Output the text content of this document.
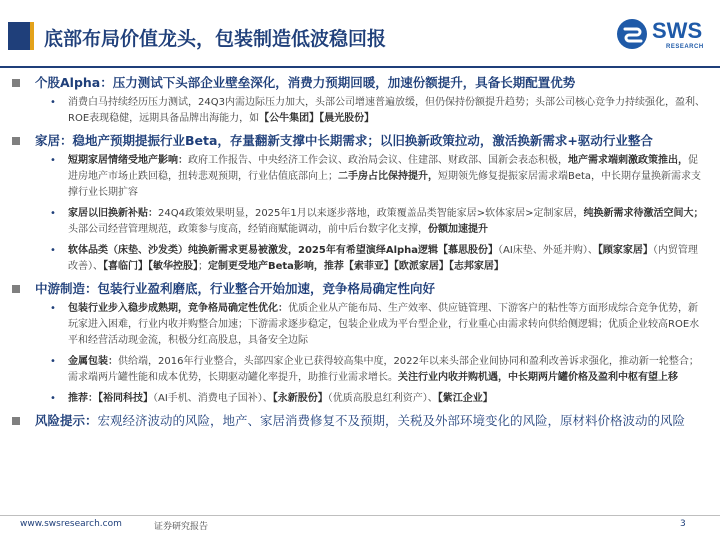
底部布局价值龙头，包装制造低波稳回报	SWS
RESEARCH
个股Alpha：压力测试下头部企业壁垒深化，消费力预期回暖，加速份额提升，具备长期配置优势
• 消费白马持续经历压力测试，24Q3内需边际压力加大，头部公司增速普遍放缓，但仍保持份额提升趋势；头部公司核心竞争力持续强化，盈利、ROE表现稳健，远期具备品牌出海能力，如【公牛集团】【晨光股份】
家居：稳地产预期提振行业Beta，存量翻新支撑中长期需求；以旧换新政策拉动，激活换新需求+驱动行业整合
• 短期家居情绪受地产影响：政府工作报告、中央经济工作会议、政治局会议、住建部、财政部、国新会表态积极，地产需求端刺激政策推出，促进房地产市场止跌回稳，扭转悲观预期，行业估值底部向上；二手房占比保持提升，短期领先修复提振家居需求端Beta，中长期存量换新需求支撑行业长期扩容
• 家居以旧换新补贴：24Q4政策效果明显，2025年1月以来逐步落地，政策覆盖品类智能家居>软体家居>定制家居，纯换新需求待激活空间大；头部公司经营管理规范，政策参与度高，经销商赋能调动，前中后台数字化支撑，份额加速提升
• 软体品类（床垫、沙发类）纯换新需求更易被激发，2025年有希望演绎Alpha逻辑【慕思股份】（AI床垫、外延并购）、【顾家家居】（内贸管理改善）、【喜临门】【敏华控股】；定制更受地产Beta影响，推荐【索菲亚】【欧派家居】【志邦家居】
中游制造：包装行业盈利磨底，行业整合开始加速，竞争格局确定性向好
• 包装行业步入稳步成熟期，竞争格局确定性优化：优质企业从产能布局、生产效率、供应链管理、下游客户的粘性等方面形成综合竞争优势，新玩家进入困难，行业内收并购整合加速；下游需求逐步稳定，包装企业成为平台型企业，行业重心由需求转向供给侧逻辑；优质企业较高ROE水平和经营活动现金流，积极分红高股息，具备安全边际
• 金属包装：供给端，2016年行业整合，头部四家企业已获得较高集中度，2022年以来头部企业间协同和盈利改善诉求强化，推动新一轮整合；需求端两片罐性能和成本优势，长期驱动罐化率提升，助推行业需求增长。关注行业内收并购机遇，中长期两片罐价格及盈利中枢有望上移
• 推荐：【裕同科技】（AI手机、消费电子国补）、【永新股份】（优质高股息红利资产）、【紫江企业】
风险提示：宏观经济波动的风险，地产、家居消费修复不及预期，关税及外部环境变化的风险，原材料价格波动的风险
www.swsresearch.com	证券研究报告	3
